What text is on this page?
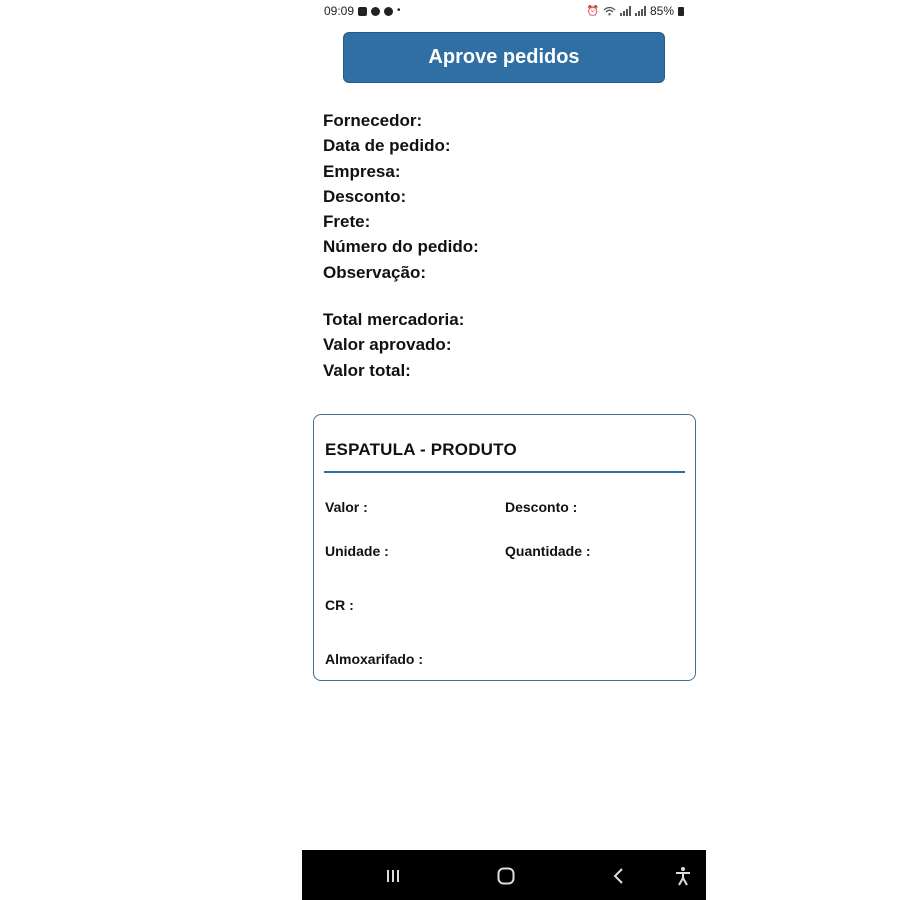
09:09	•	⏰	85%
Aprove pedidos
Fornecedor:
Data de pedido:
Empresa:
Desconto:
Frete:
Número do pedido:
Observação:
Total mercadoria:
Valor aprovado:
Valor total:
ESPATULA - PRODUTO
Valor :	Desconto :
Unidade :	Quantidade :
CR :
Almoxarifado :
